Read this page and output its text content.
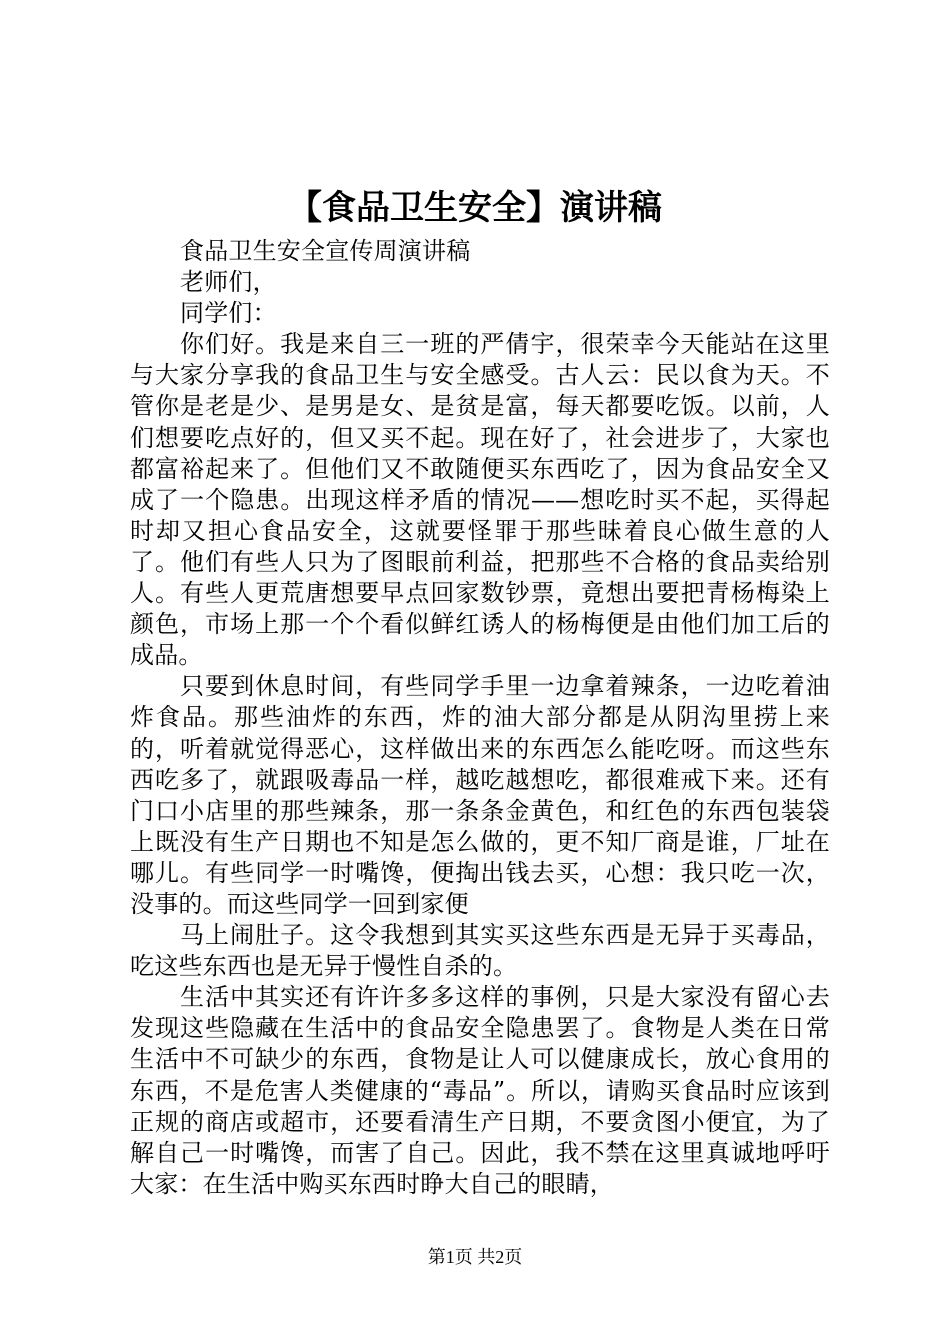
【食品卫生安全】演讲稿

食品卫生安全宣传周演讲稿

老师们，

同学们：

你们好。我是来自三一班的严倩宇，很荣幸今天能站在这里与大家分享我的食品卫生与安全感受。古人云：民以食为天。不管你是老是少、是男是女、是贫是富，每天都要吃饭。以前，人们想要吃点好的，但又买不起。现在好了，社会进步了，大家也都富裕起来了。但他们又不敢随便买东西吃了，因为食品安全又成了一个隐患。出现这样矛盾的情况——想吃时买不起，买得起时却又担心食品安全，这就要怪罪于那些昧着良心做生意的人了。他们有些人只为了图眼前利益，把那些不合格的食品卖给别人。有些人更荒唐想要早点回家数钞票，竟想出要把青杨梅染上颜色，市场上那一个个看似鲜红诱人的杨梅便是由他们加工后的成品。

只要到休息时间，有些同学手里一边拿着辣条，一边吃着油炸食品。那些油炸的东西，炸的油大部分都是从阴沟里捞上来的，听着就觉得恶心，这样做出来的东西怎么能吃呀。而这些东西吃多了，就跟吸毒品一样，越吃越想吃，都很难戒下来。还有门口小店里的那些辣条，那一条条金黄色，和红色的东西包装袋上既没有生产日期也不知是怎么做的，更不知厂商是谁，厂址在哪儿。有些同学一时嘴馋，便掏出钱去买，心想：我只吃一次，没事的。而这些同学一回到家便

马上闹肚子。这令我想到其实买这些东西是无异于买毒品，吃这些东西也是无异于慢性自杀的。

生活中其实还有许许多多这样的事例，只是大家没有留心去发现这些隐藏在生活中的食品安全隐患罢了。食物是人类在日常生活中不可缺少的东西，食物是让人可以健康成长，放心食用的东西，不是危害人类健康的“毒品”。所以，请购买食品时应该到正规的商店或超市，还要看清生产日期，不要贪图小便宜，为了解自己一时嘴馋，而害了自己。因此，我不禁在这里真诚地呼吁大家：在生活中购买东西时睁大自己的眼睛，

第1页 共2页
